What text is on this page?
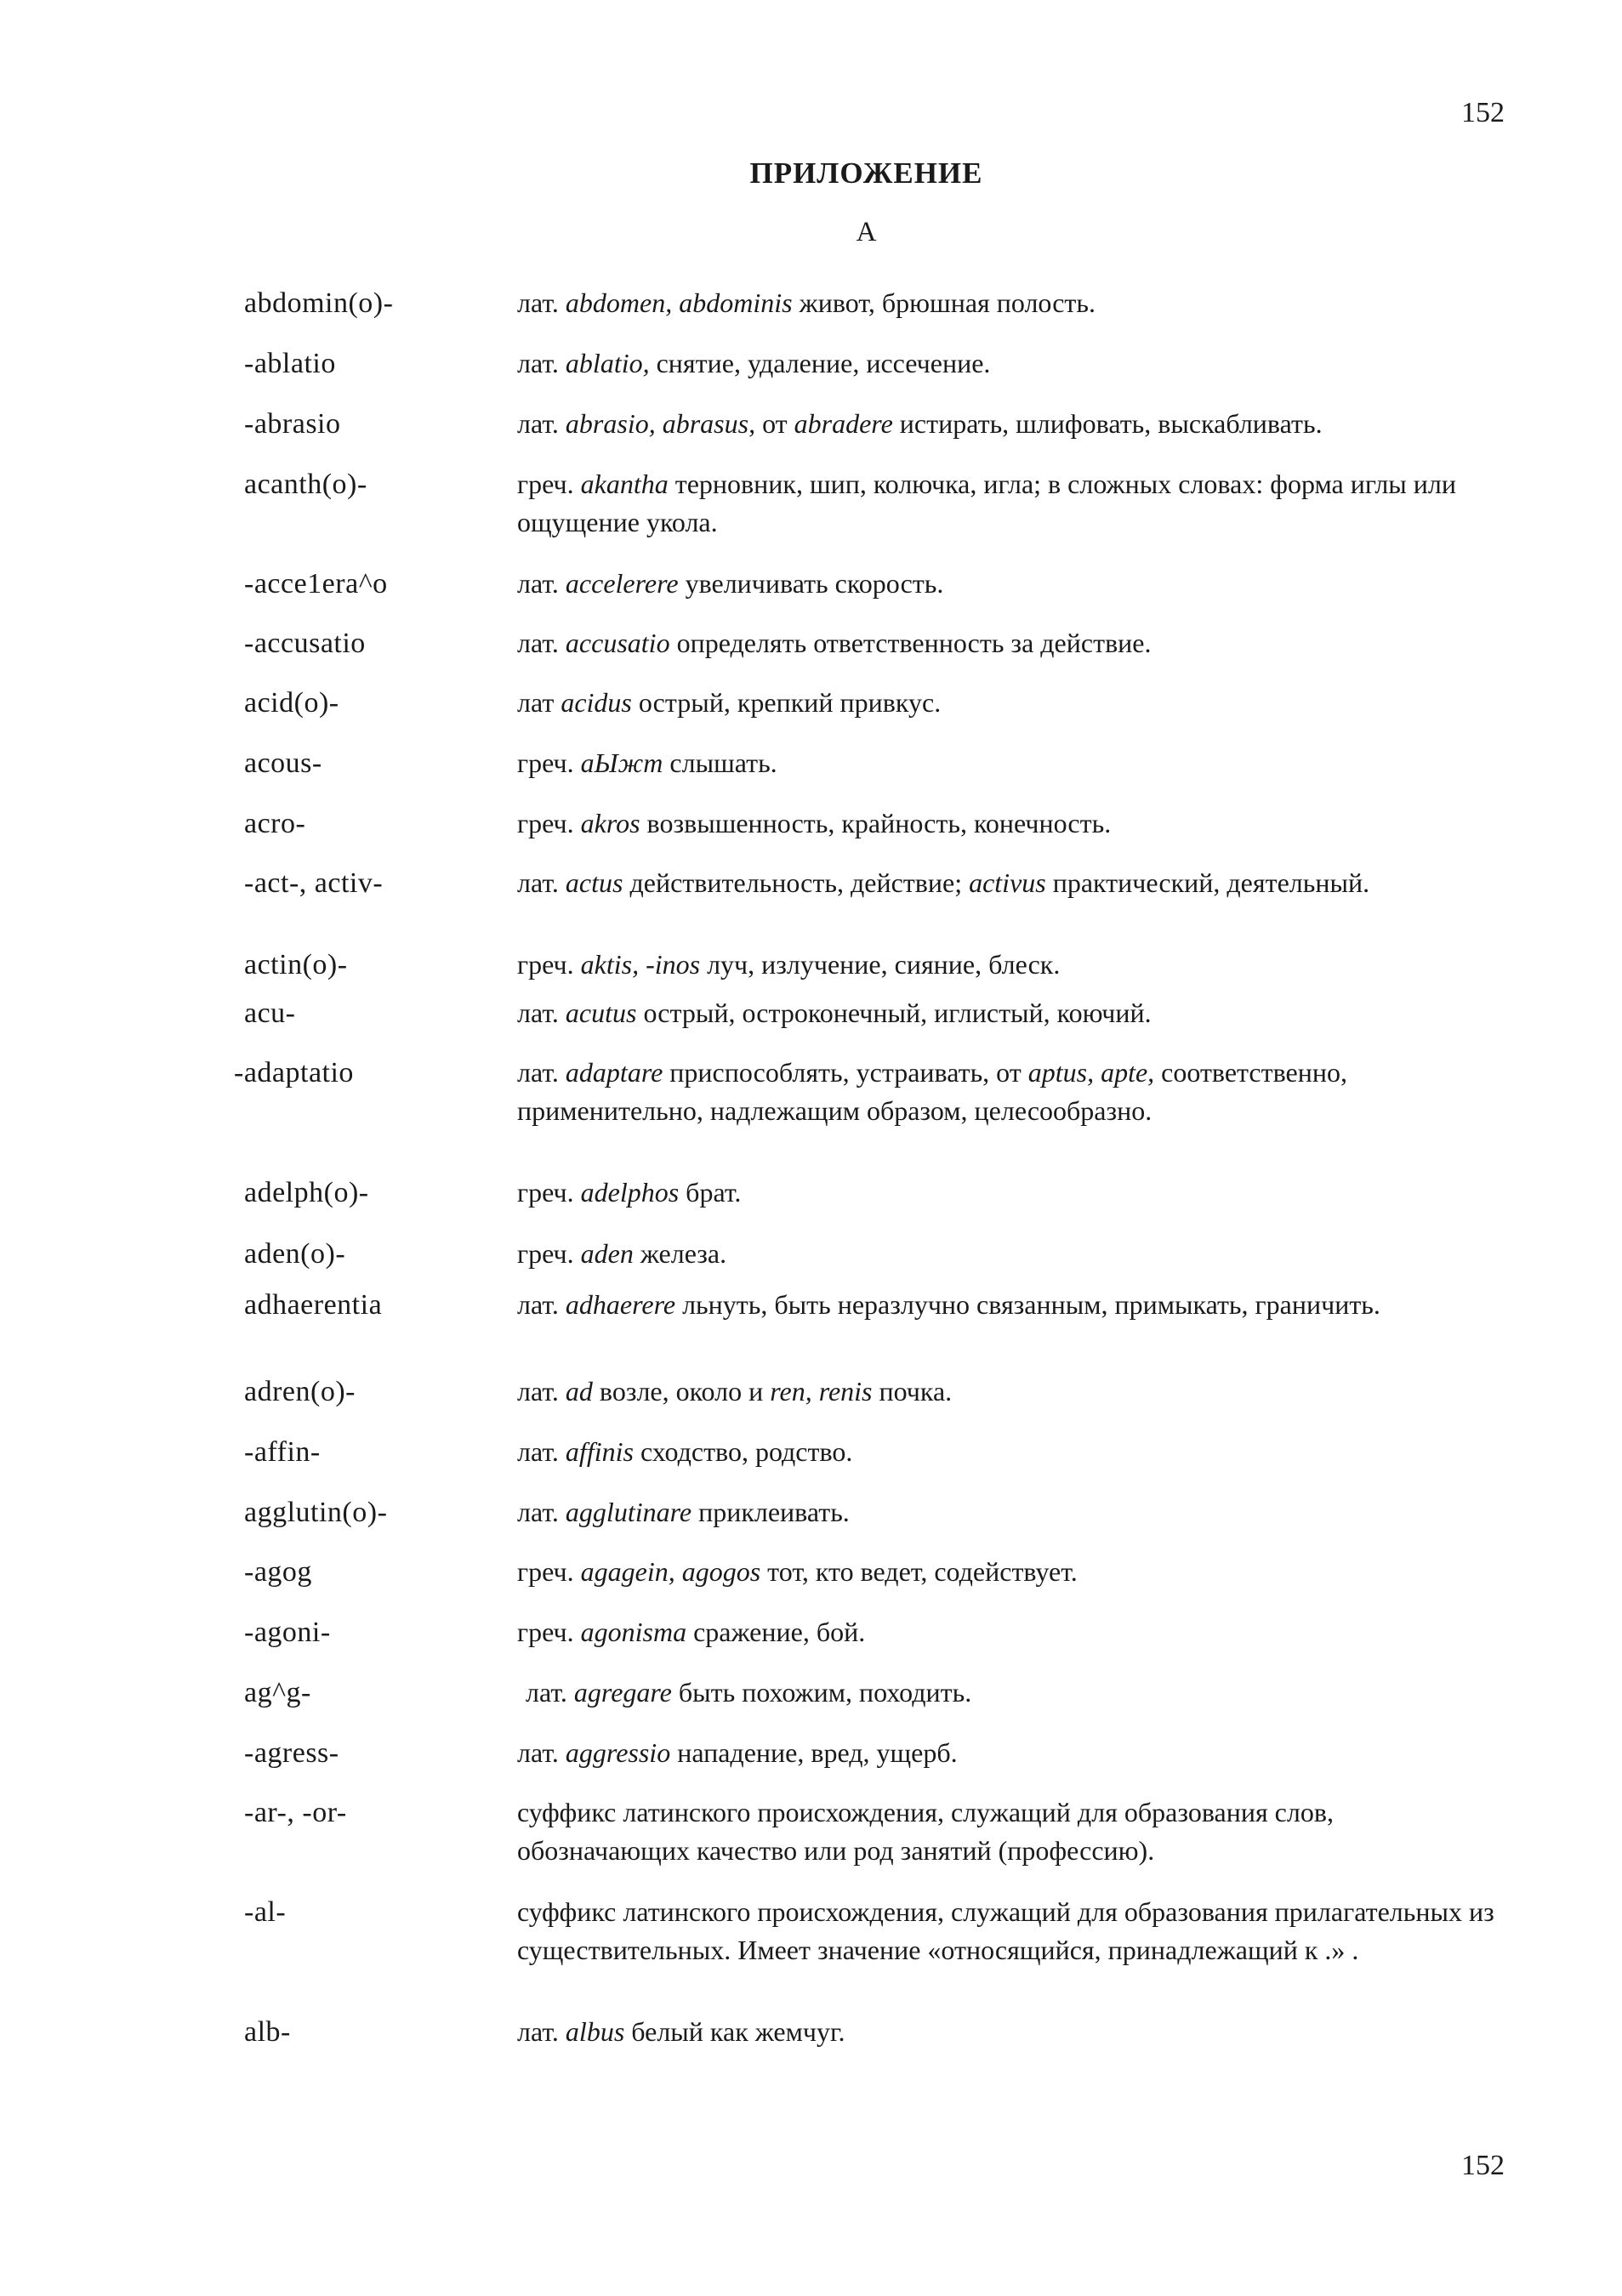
152
ПРИЛОЖЕНИЕ
А
abdomin(o)-	лат. abdomen, abdominis живот, брюшная полость.
-ablatio	лат. ablatio, снятие, удаление, иссечение.
-abrasio	лат. abrasio, abrasus, от abradere истирать, шлифовать, выскабливать.
acanth(o)-	греч. akantha терновник, шип, колючка, игла; в сложных словах: форма иглы или ощущение укола.
-acce1era^o	лат. accelerere увеличивать скорость.
-accusatio	лат. accusatio определять ответственность за действие.
acid(o)-	лат acidus острый, крепкий привкус.
acous-	греч. aЫжт слышать.
acro-	греч. akros возвышенность, крайность, конечность.
-act-, activ-	лат. actus действительность, действие; activus практический, деятельный.
actin(o)-	греч. aktis, -inos луч, излучение, сияние, блеск.
acu-	лат. acutus острый, остроконечный, иглистый, коючий.
-adaptatio	лат. adaptare приспособлять, устраивать, от aptus, apte, соответственно, применительно, надлежащим образом, целесообразно.
adelph(o)-	греч. adelphos брат.
aden(o)-	греч. aden железа.
adhaerentia	лат. adhaerere льнуть, быть неразлучно связанным, примыкать, граничить.
adren(o)-	лат. ad возле, около и ren, renis почка.
-affin-	лат. affinis сходство, родство.
agglutin(o)-	лат. agglutinare приклеивать.
-agog	греч. agagein, agogos тот, кто ведет, содействует.
-agoni-	греч. agonisma сражение, бой.
ag^g-	лат. agregare быть похожим, походить.
-agress-	лат. aggressio нападение, вред, ущерб.
-ar-, -or-	суффикс латинского происхождения, служащий для образования слов, обозначающих качество или род занятий (профессию).
-al-	суффикс латинского происхождения, служащий для образования прилагательных из существительных. Имеет значение «относящийся, принадлежащий к .» .
alb-	лат. albus белый как жемчуг.
152
